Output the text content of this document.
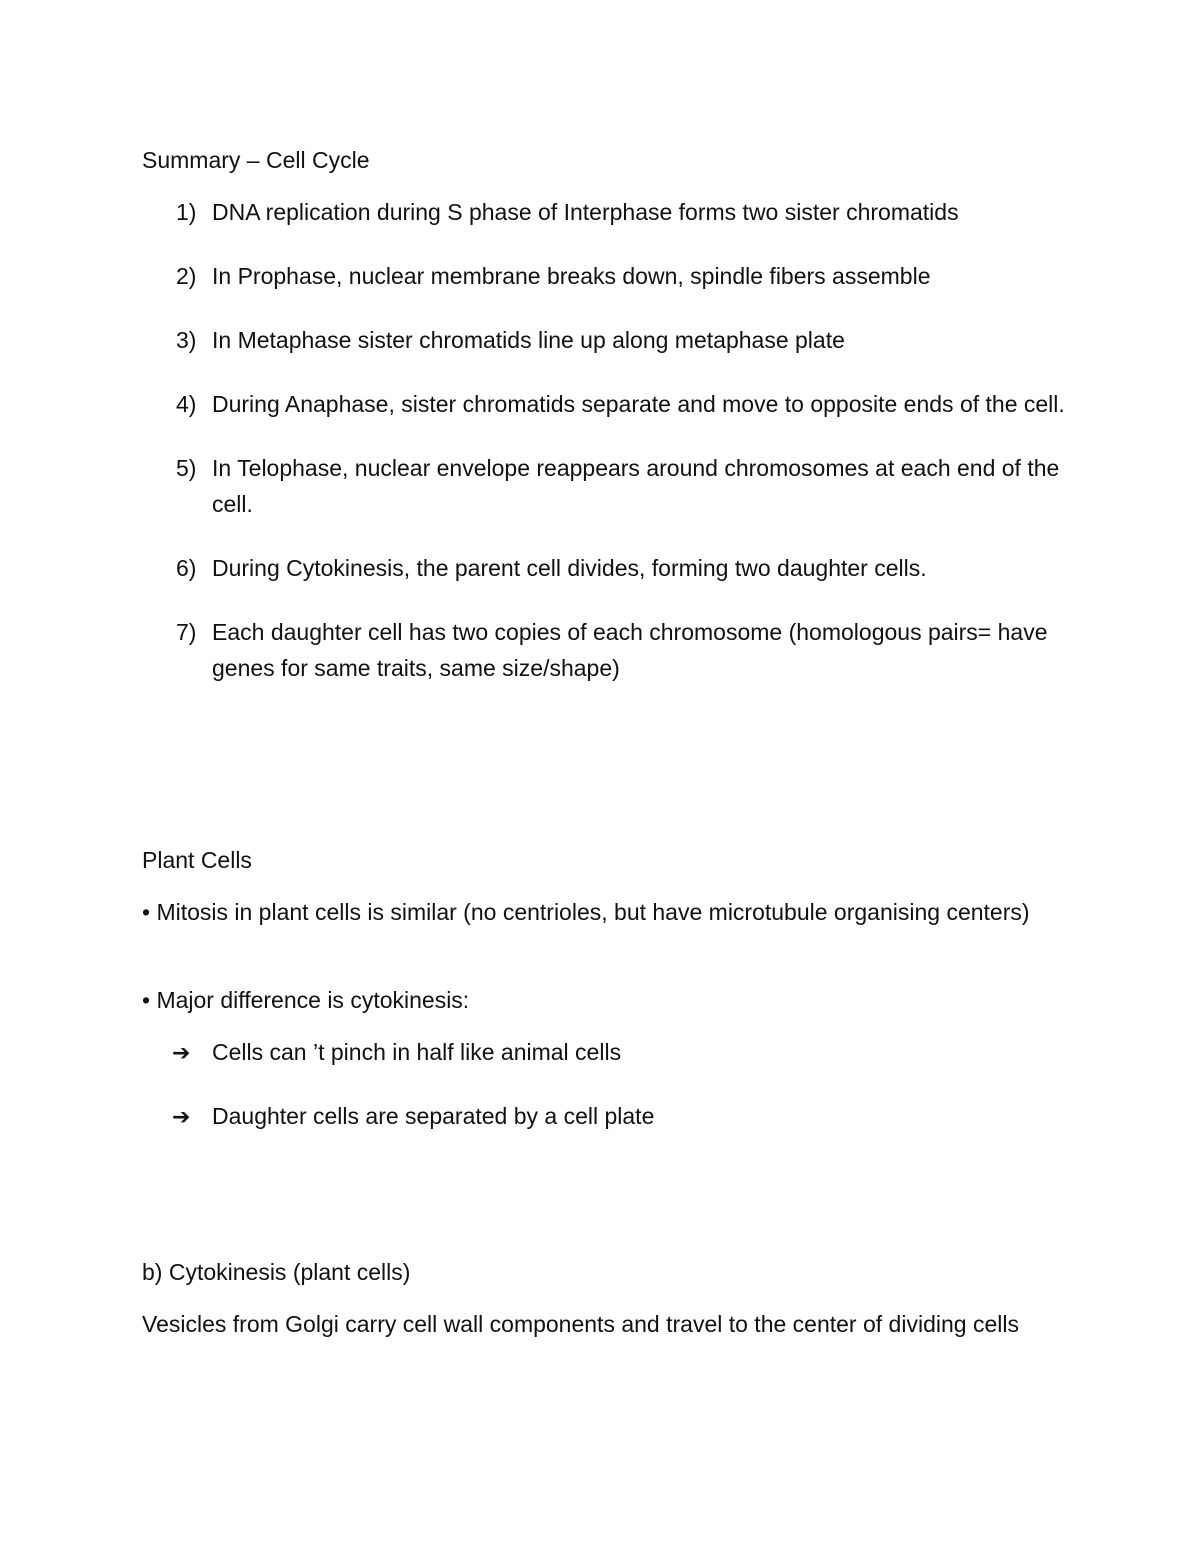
Summary – Cell Cycle

1) DNA replication during S phase of Interphase forms two sister chromatids
2) In Prophase, nuclear membrane breaks down, spindle fibers assemble
3) In Metaphase sister chromatids line up along metaphase plate
4) During Anaphase, sister chromatids separate and move to opposite ends of the cell.
5) In Telophase, nuclear envelope reappears around chromosomes at each end of the cell.
6) During Cytokinesis, the parent cell divides, forming two daughter cells.
7) Each daughter cell has two copies of each chromosome (homologous pairs= have genes for same traits, same size/shape)

Plant Cells

• Mitosis in plant cells is similar (no centrioles, but have microtubule organising centers)

• Major difference is cytokinesis:

➔ Cells can ’t pinch in half like animal cells

➔ Daughter cells are separated by a cell plate

b) Cytokinesis (plant cells)

Vesicles from Golgi carry cell wall components and travel to the center of dividing cells
